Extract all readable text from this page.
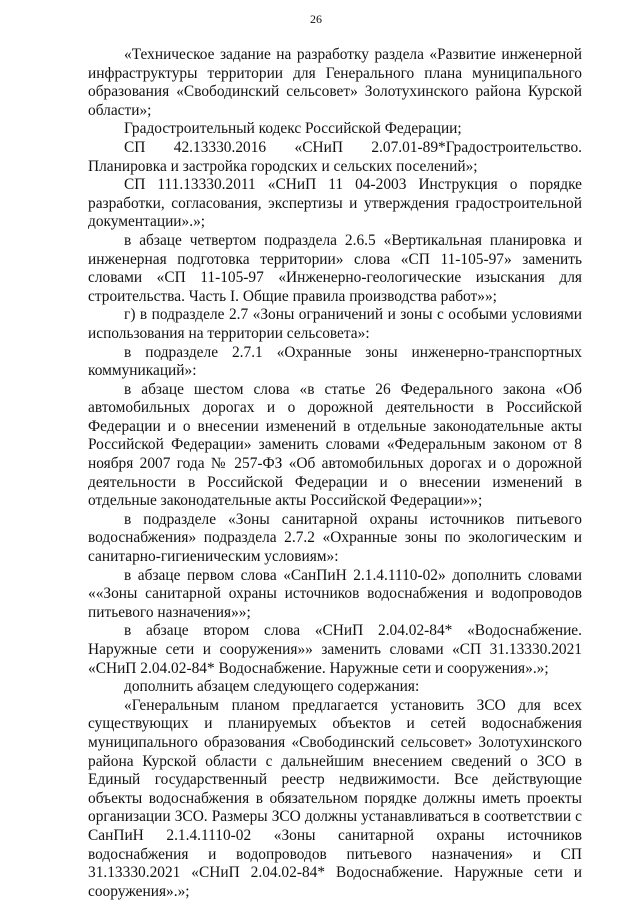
26

«Техническое задание на разработку раздела «Развитие инженерной инфраструктуры территории для Генерального плана муниципального образования «Свободинский сельсовет» Золотухинского района Курской области»;

Градостроительный кодекс Российской Федерации;

СП 42.13330.2016 «СНиП 2.07.01-89*Градостроительство. Планировка и застройка городских и сельских поселений»;

СП 111.13330.2011 «СНиП 11 04-2003 Инструкция о порядке разработки, согласования, экспертизы и утверждения градостроительной документации».»;

в абзаце четвертом подраздела 2.6.5 «Вертикальная планировка и инженерная подготовка территории» слова «СП 11-105-97» заменить словами «СП 11-105-97 «Инженерно-геологические изыскания для строительства. Часть I. Общие правила производства работ»»;

г) в подразделе 2.7 «Зоны ограничений и зоны с особыми условиями использования на территории сельсовета»:

в подразделе 2.7.1 «Охранные зоны инженерно-транспортных коммуникаций»:

в абзаце шестом слова «в статье 26 Федерального закона «Об автомобильных дорогах и о дорожной деятельности в Российской Федерации и о внесении изменений в отдельные законодательные акты Российской Федерации» заменить словами «Федеральным законом от 8 ноября 2007 года № 257-ФЗ «Об автомобильных дорогах и о дорожной деятельности в Российской Федерации и о внесении изменений в отдельные законодательные акты Российской Федерации»»;

в подразделе «Зоны санитарной охраны источников питьевого водоснабжения» подраздела 2.7.2 «Охранные зоны по экологическим и санитарно-гигиеническим условиям»:

в абзаце первом слова «СанПиН 2.1.4.1110-02» дополнить словами ««Зоны санитарной охраны источников водоснабжения и водопроводов питьевого назначения»»;

в абзаце втором слова «СНиП 2.04.02-84* «Водоснабжение. Наружные сети и сооружения»» заменить словами «СП 31.13330.2021 «СНиП 2.04.02-84* Водоснабжение. Наружные сети и сооружения».»;

дополнить абзацем следующего содержания:

«Генеральным планом предлагается установить ЗСО для всех существующих и планируемых объектов и сетей водоснабжения муниципального образования «Свободинский сельсовет» Золотухинского района Курской области с дальнейшим внесением сведений о ЗСО в Единый государственный реестр недвижимости. Все действующие объекты водоснабжения в обязательном порядке должны иметь проекты организации ЗСО. Размеры ЗСО должны устанавливаться в соответствии с СанПиН 2.1.4.1110-02 «Зоны санитарной охраны источников водоснабжения и водопроводов питьевого назначения» и СП 31.13330.2021 «СНиП 2.04.02-84* Водоснабжение. Наружные сети и сооружения».»;
